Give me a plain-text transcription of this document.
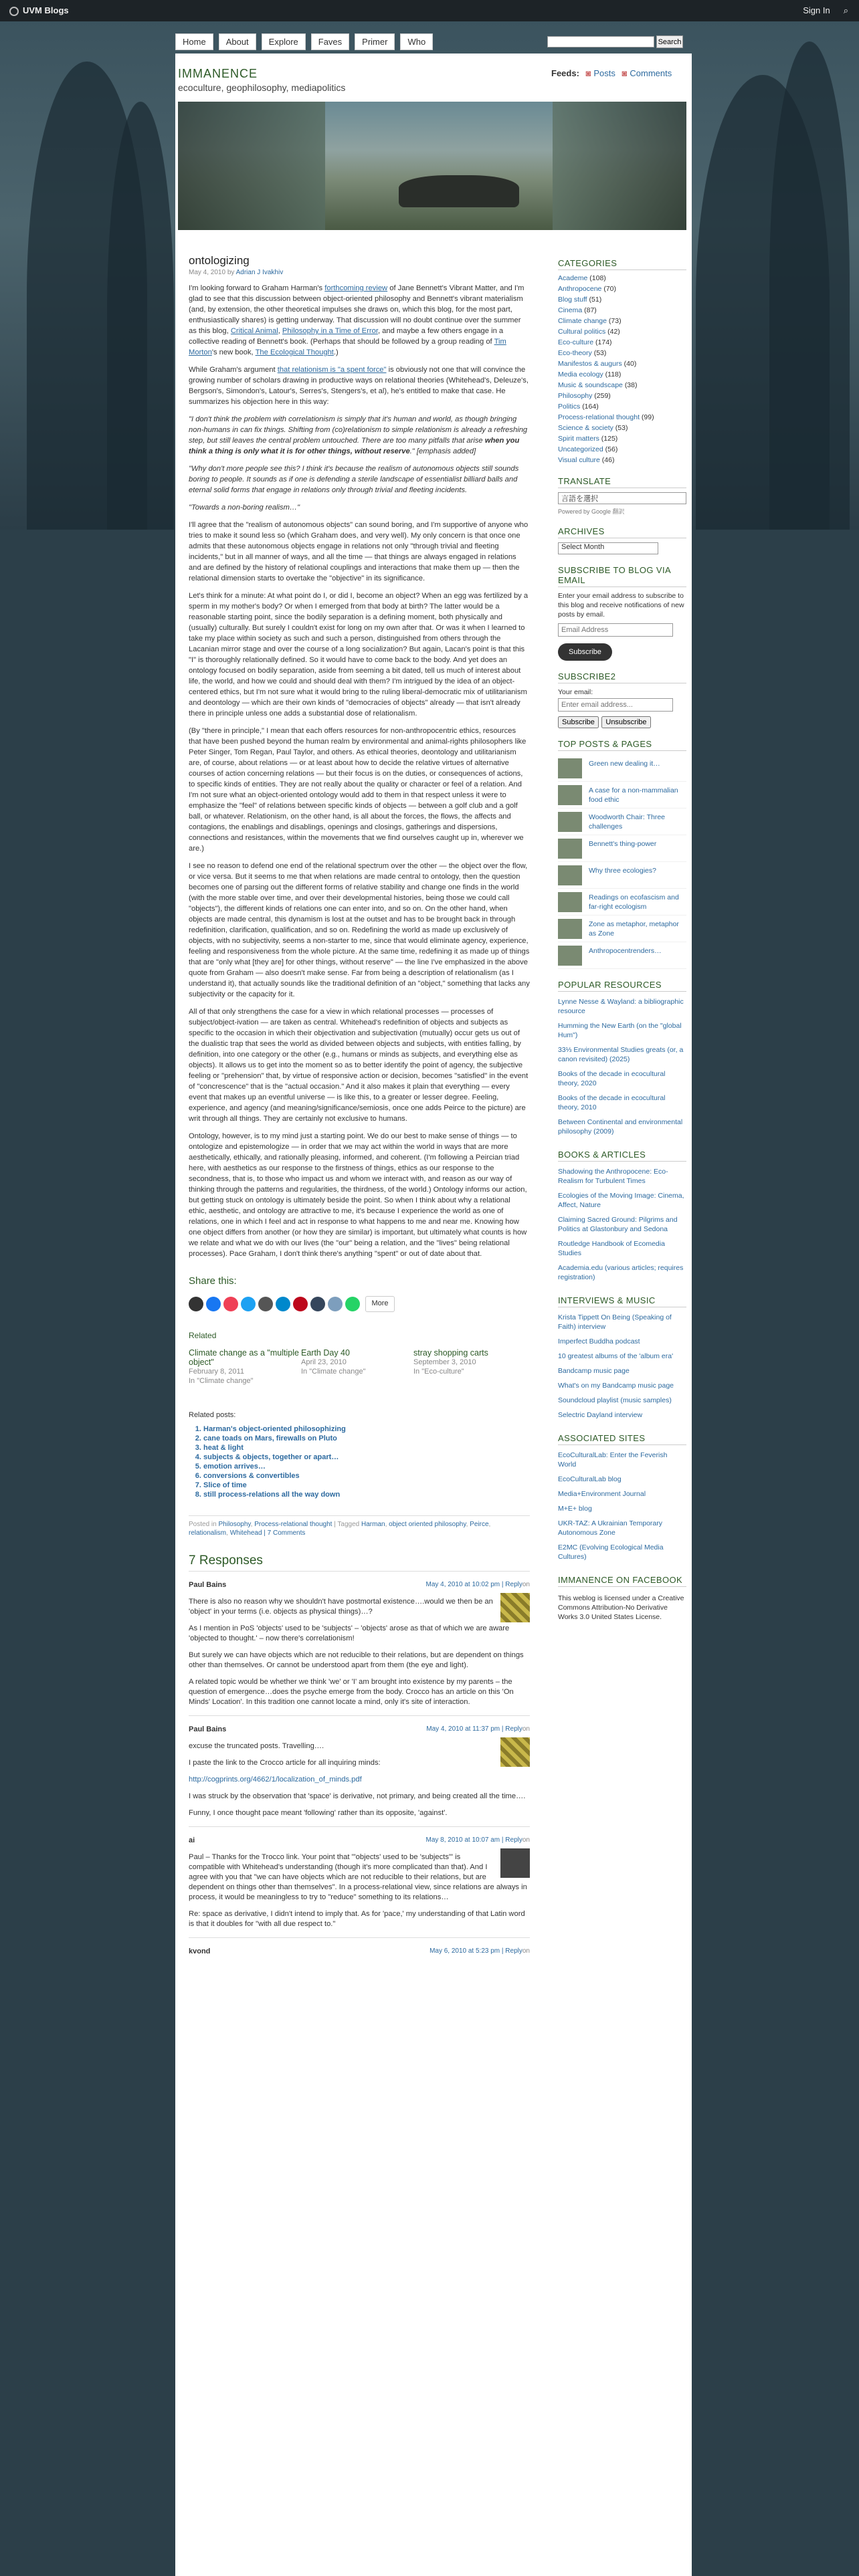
UVM Blogs	Sign In ⌕
Home	About	Explore	Faves	Primer	Who	Search
IMMANENCE
ecoculture, geophilosophy, mediapolitics
Feeds: ◙ Posts ◙ Comments
ontologizing
May 4, 2010 by Adrian J Ivakhiv

I'm looking forward to Graham Harman's forthcoming review of Jane Bennett's Vibrant Matter, and I'm glad to see that this discussion between object-oriented philosophy and Bennett's vibrant materialism (and, by extension, the other theoretical impulses she draws on, which this blog, for the most part, enthusiastically shares) is getting underway. That discussion will no doubt continue over the summer as this blog, Critical Animal, Philosophy in a Time of Error, and maybe a few others engage in a collective reading of Bennett's book. (Perhaps that should be followed by a group reading of Tim Morton's new book, The Ecological Thought.)

While Graham's argument that relationism is "a spent force" is obviously not one that will convince the growing number of scholars drawing in productive ways on relational theories (Whitehead's, Deleuze's, Bergson's, Simondon's, Latour's, Serres's, Stengers's, et al), he's entitled to make that case. He summarizes his objection here in this way:

"I don't think the problem with correlationism is simply that it's human and world, as though bringing non-humans in can fix things. Shifting from (co)relationism to simple relationism is already a refreshing step, but still leaves the central problem untouched. There are too many pitfalls that arise when you think a thing is only what it is for other things, without reserve." [emphasis added]

"Why don't more people see this? I think it's because the realism of autonomous objects still sounds boring to people. It sounds as if one is defending a sterile landscape of essentialist billiard balls and eternal solid forms that engage in relations only through trivial and fleeting incidents.

"Towards a non-boring realism…"

I'll agree that the "realism of autonomous objects" can sound boring, and I'm supportive of anyone who tries to make it sound less so (which Graham does, and very well). My only concern is that once one admits that these autonomous objects engage in relations not only "through trivial and fleeting incidents," but in all manner of ways, and all the time — that things are always engaged in relations and are defined by the history of relational couplings and interactions that make them up — then the relational dimension starts to overtake the "objective" in its significance.

Let's think for a minute: At what point do I, or did I, become an object? When an egg was fertilized by a sperm in my mother's body? Or when I emerged from that body at birth? The latter would be a reasonable starting point, since the bodily separation is a defining moment, both physically and (usually) culturally. But surely I couldn't exist for long on my own after that. Or was it when I learned to take my place within society as such and such a person, distinguished from others through the Lacanian mirror stage and over the course of a long socialization? But again, Lacan's point is that this "I" is thoroughly relationally defined. So it would have to come back to the body. And yet does an ontology focused on bodily separation, aside from seeming a bit dated, tell us much of interest about life, the world, and how we could and should deal with them? I'm intrigued by the idea of an object-centered ethics, but I'm not sure what it would bring to the ruling liberal-democratic mix of utilitarianism and deontology — which are their own kinds of "democracies of objects" already — that isn't already there in principle unless one adds a substantial dose of relationalism.

(By "there in principle," I mean that each offers resources for non-anthropocentric ethics, resources that have been pushed beyond the human realm by environmental and animal-rights philosophers like Peter Singer, Tom Regan, Paul Taylor, and others. As ethical theories, deontology and utilitarianism are, of course, about relations — or at least about how to decide the relative virtues of alternative courses of action concerning relations — but their focus is on the duties, or consequences of actions, to specific kinds of entities. They are not really about the quality or character or feel of a relation. And I'm not sure what an object-oriented ontology would add to them in that respect unless it were to emphasize the "feel" of relations between specific kinds of objects — between a golf club and a golf ball, or whatever. Relationism, on the other hand, is all about the forces, the flows, the affects and contagions, the enablings and disablings, openings and closings, gatherings and dispersions, connections and resistances, within the movements that we find ourselves caught up in, wherever we are.)

I see no reason to defend one end of the relational spectrum over the other — the object over the flow, or vice versa. But it seems to me that when relations are made central to ontology, then the question becomes one of parsing out the different forms of relative stability and change one finds in the world (with the more stable over time, and over their developmental histories, being those we could call "objects"), the different kinds of relations one can enter into, and so on. On the other hand, when objects are made central, this dynamism is lost at the outset and has to be brought back in through redefinition, clarification, qualification, and so on. Redefining the world as made up exclusively of objects, with no subjectivity, seems a non-starter to me, since that would eliminate agency, experience, feeling and responsiveness from the whole picture. At the same time, redefining it as made up of things that are "only what [they are] for other things, without reserve" — the line I've emphasized in the above quote from Graham — also doesn't make sense. Far from being a description of relationalism (as I understand it), that actually sounds like the traditional definition of an "object," something that lacks any subjectivity or the capacity for it.

All of that only strengthens the case for a view in which relational processes — processes of subject/object-ivation — are taken as central. Whitehead's redefinition of objects and subjects as specific to the occasion in which their objectivation and subjectivation (mutually) occur gets us out of the dualistic trap that sees the world as divided between objects and subjects, with entities falling, by definition, into one category or the other (e.g., humans or minds as subjects, and everything else as objects). It allows us to get into the moment so as to better identify the point of agency, the subjective feeling or "prehension" that, by virtue of responsive action or decision, becomes "satisfied" in the event of "concrescence" that is the "actual occasion." And it also makes it plain that everything — every event that makes up an eventful universe — is like this, to a greater or lesser degree. Feeling, experience, and agency (and meaning/significance/semiosis, once one adds Peirce to the picture) are writ through all things. They are certainly not exclusive to humans.

Ontology, however, is to my mind just a starting point. We do our best to make sense of things — to ontologize and epistemologize — in order that we may act within the world in ways that are more aesthetically, ethically, and rationally pleasing, informed, and coherent. (I'm following a Peircian triad here, with aesthetics as our response to the firstness of things, ethics as our response to the secondness, that is, to those who impact us and whom we interact with, and reason as our way of thinking through the patterns and regularities, the thirdness, of the world.) Ontology informs our action, but getting stuck on ontology is ultimately beside the point. So when I think about why a relational ethic, aesthetic, and ontology are attractive to me, it's because I experience the world as one of relations, one in which I feel and act in response to what happens to me and near me. Knowing how one object differs from another (or how they are similar) is important, but ultimately what counts is how we relate and what we do with our lives (the "our" being a relation, and the "lives" being relational processes). Pace Graham, I don't think there's anything "spent" or out of date about that.

Share this:
More
Related
Climate change as a "multiple object"
February 8, 2011
In "Climate change"
Earth Day 40
April 23, 2010
In "Climate change"
stray shopping carts
September 3, 2010
In "Eco-culture"
Related posts:
1. Harman's object-oriented philosophizing
2. cane toads on Mars, firewalls on Pluto
3. heat & light
4. subjects & objects, together or apart…
5. emotion arrives…
6. conversions & convertibles
7. Slice of time
8. still process-relations all the way down
Posted in Philosophy, Process-relational thought | Tagged Harman, object oriented philosophy, Peirce, relationalism, Whitehead | 7 Comments
7 Responses
Paul Bains	on
May 4, 2010 at 10:02 pm | Reply

There is also no reason why we shouldn't have postmortal existence….would we then be an 'object' in your terms (i.e. objects as physical things)…?

As I mention in PoS 'objects' used to be 'subjects' – 'objects' arose as that of which we are aware 'objected to thought.' – now there's correlationism!

But surely we can have objects which are not reducible to their relations, but are dependent on things other than themselves. Or cannot be understood apart from them (the eye and light).

A related topic would be whether we think 'we' or 'I' am brought into existence by my parents – the question of emergence…does the psyche emerge from the body. Crocco has an article on this 'On Minds' Location'. In this tradition one cannot locate a mind, only it's site of interaction.

Paul Bains	on
May 4, 2010 at 11:37 pm | Reply

excuse the truncated posts. Travelling….

I paste the link to the Crocco article for all inquiring minds:

http://cogprints.org/4662/1/localization_of_minds.pdf

I was struck by the observation that 'space' is derivative, not primary, and being created all the time….

Funny, I once thought pace meant 'following' rather than its opposite, 'against'.

ai	on
May 8, 2010 at 10:07 am | Reply

Paul – Thanks for the Trocco link. Your point that "'objects' used to be 'subjects'" is compatible with Whitehead's understanding (though it's more complicated than that). And I agree with you that "we can have objects which are not reducible to their relations, but are dependent on things other than themselves". In a process-relational view, since relations are always in process, it would be meaningless to try to "reduce" something to its relations…

Re: space as derivative, I didn't intend to imply that. As for 'pace,' my understanding of that Latin word is that it doubles for "with all due respect to."

kvond	on
May 6, 2010 at 5:23 pm | Reply
CATEGORIES
Academe (108)
Anthropocene (70)
Blog stuff (51)
Cinema (87)
Climate change (73)
Cultural politics (42)
Eco-culture (174)
Eco-theory (53)
Manifestos & augurs (40)
Media ecology (118)
Music & soundscape (38)
Philosophy (259)
Politics (164)
Process-relational thought (99)
Science & society (53)
Spirit matters (125)
Uncategorized (56)
Visual culture (46)
TRANSLATE
言語を選択
Powered by Google 翻訳
ARCHIVES
Select Month
SUBSCRIBE TO BLOG VIA EMAIL
Enter your email address to subscribe to this blog and receive notifications of new posts by email.
Email Address Subscribe
SUBSCRIBE2
Your email:
Enter email address...
Subscribe Unsubscribe
TOP POSTS & PAGES
Green new dealing it…
A case for a non-mammalian food ethic
Woodworth Chair: Three challenges
Bennett's thing-power
Why three ecologies?
Readings on ecofascism and far-right ecologism
Zone as metaphor, metaphor as Zone
Anthropocentrenders…
POPULAR RESOURCES
Lynne Nesse & Wayland: a bibliographic resource
Humming the New Earth (on the "global Hum")
33⅓ Environmental Studies greats (or, a canon revisited) (2025)
Books of the decade in ecocultural theory, 2020
Books of the decade in ecocultural theory, 2010
Between Continental and environmental philosophy (2009)
BOOKS & ARTICLES
Shadowing the Anthropocene: Eco-Realism for Turbulent Times
Ecologies of the Moving Image: Cinema, Affect, Nature
Claiming Sacred Ground: Pilgrims and Politics at Glastonbury and Sedona
Routledge Handbook of Ecomedia Studies
Academia.edu (various articles; requires registration)
INTERVIEWS & MUSIC
Krista Tippett On Being (Speaking of Faith) interview
Imperfect Buddha podcast
10 greatest albums of the 'album era'
Bandcamp music page
What's on my Bandcamp music page
Soundcloud playlist (music samples)
Selectric Dayland interview
ASSOCIATED SITES
EcoCulturalLab: Enter the Feverish World
EcoCulturalLab blog
Media+Environment Journal
M+E+ blog
UKR-TAZ: A Ukrainian Temporary Autonomous Zone
E2MC (Evolving Ecological Media Cultures)
IMMANENCE ON FACEBOOK
This weblog is licensed under a Creative Commons Attribution-No Derivative Works 3.0 United States License.
